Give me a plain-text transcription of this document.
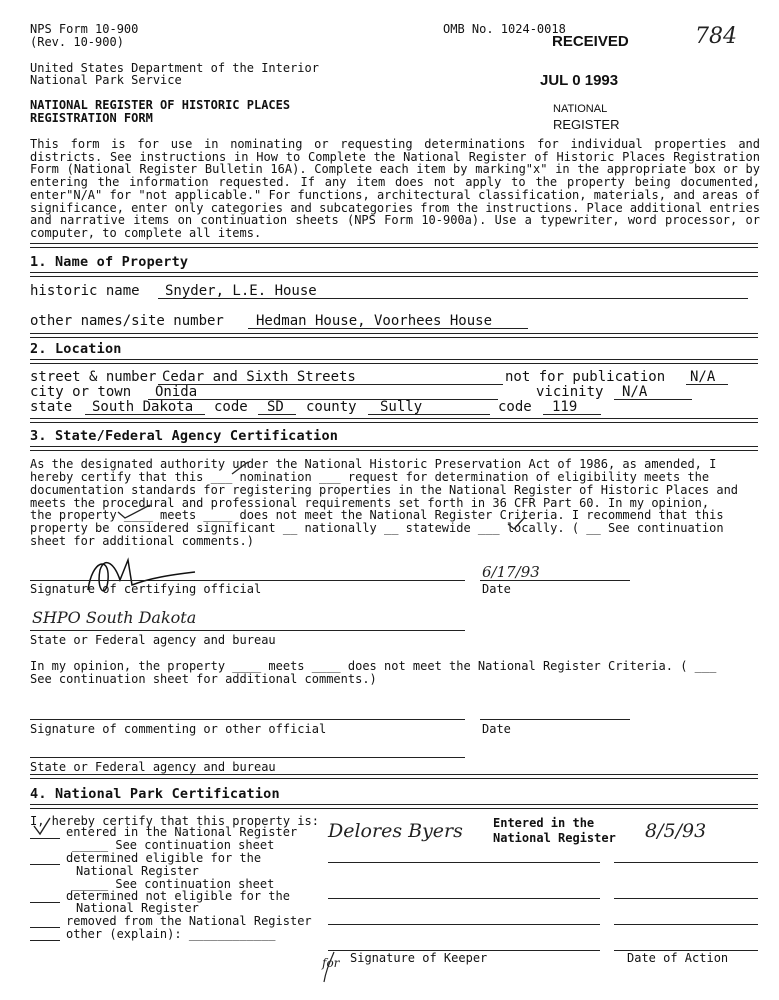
NPS Form 10-900
(Rev. 10-900)
OMB No. 1024-0018
RECEIVED	784
JUL 0 1993
NATIONAL
REGISTER
United States Department of the Interior
National Park Service
NATIONAL REGISTER OF HISTORIC PLACES
REGISTRATION FORM
This form is for use in nominating or requesting determinations for individual properties and districts. See instructions in How to Complete the National Register of Historic Places Registration Form (National Register Bulletin 16A). Complete each item by marking"x" in the appropriate box or by entering the information requested. If any item does not apply to the property being documented, enter"N/A" for "not applicable." For functions, architectural classification, materials, and areas of significance, enter only categories and subcategories from the instructions. Place additional entries and narrative items on continuation sheets (NPS Form 10-900a). Use a typewriter, word processor, or computer, to complete all items.
1. Name of Property
historic name Snyder, L.E. House
other names/site number Hedman House, Voorhees House
2. Location
street & number Cedar and Sixth Streets	not for publication N/A
city or town Onida	vicinity N/A
state South Dakota code SD county Sully	code 119
3. State/Federal Agency Certification
As the designated authority under the National Historic Preservation Act of 1986, as amended, I
hereby certify that this ___ nomination ___ request for determination of eligibility meets the
documentation standards for registering properties in the National Register of Historic Places and
meets the procedural and professional requirements set forth in 36 CFR Part 60. In my opinion,
the property ____ meets ____ does not meet the National Register Criteria. I recommend that this
property be considered significant __ nationally __ statewide ___ locally. ( __ See continuation
sheet for additional comments.)
Signature of certifying official
6/17/93
Date
SHPO South Dakota
State or Federal agency and bureau
In my opinion, the property ____ meets ____ does not meet the National Register Criteria. ( ___
See continuation sheet for additional comments.)
Signature of commenting or other official	Date
State or Federal agency and bureau
4. National Park Certification
I, hereby certify that this property is:
entered in the National Register
_____ See continuation sheet
determined eligible for the
National Register
_____ See continuation sheet
determined not eligible for the
National Register
removed from the National Register
other (explain): ____________
Delores Byers	Entered in the
National Register 8/5/93
for Signature of Keeper	Date of Action
